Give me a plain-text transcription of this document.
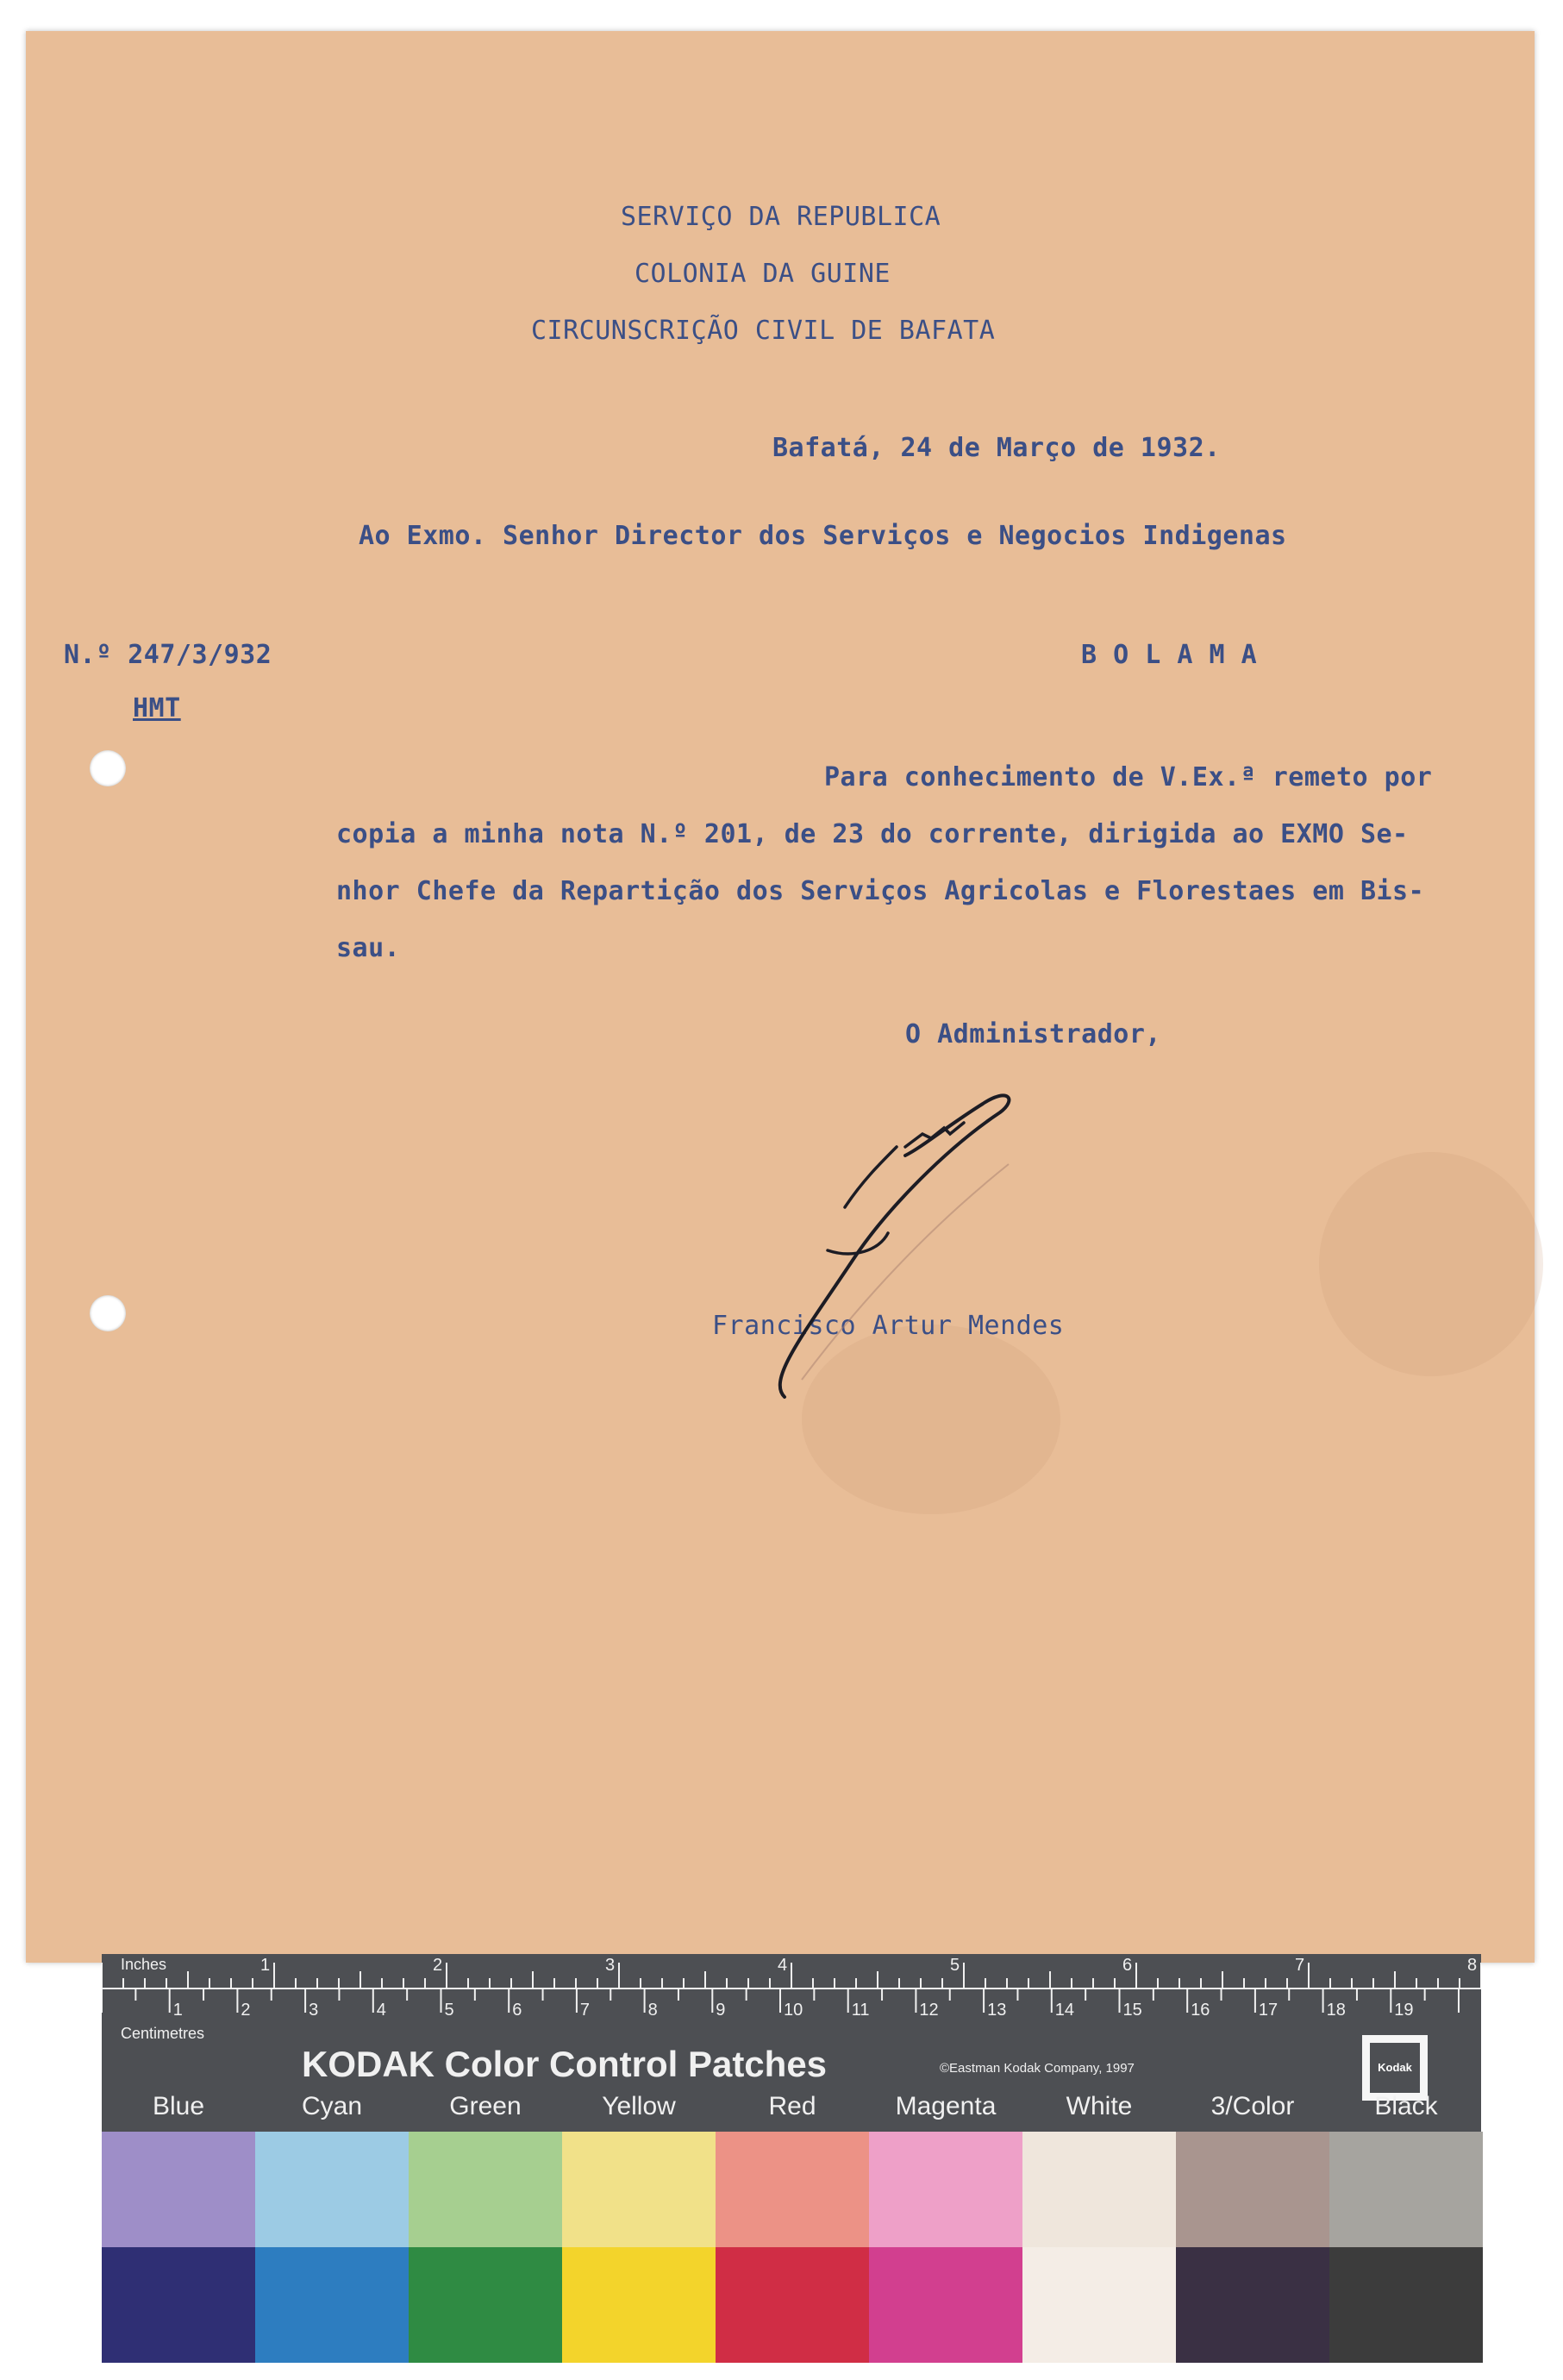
SERVIÇO DA REPUBLICA
COLONIA DA GUINE
CIRCUNSCRIÇÃO CIVIL DE BAFATA
Bafatá, 24 de Março de 1932.
Ao Exmo. Senhor Director dos Serviços e Negocios Indigenas
N.º 247/3/932
HMT
B O L A M A
Para conhecimento de V.Ex.ª remeto por
copia a minha nota N.º 201, de 23 do corrente, dirigida ao EXMO Se-
nhor Chefe da Repartição dos Serviços Agricolas e Florestaes em Bis-
sau.
O Administrador,
Francisco Artur Mendes
Inches
Centimetres
1	2	3	4	5	6	7	8
1	2	3	4	5	6	7	8	9	10	11	12	13	14	15	16	17	18	19
KODAK Color Control Patches	©Eastman Kodak Company, 1997	Kodak
Blue	Cyan	Green	Yellow	Red	Magenta	White	3/Color	Black
